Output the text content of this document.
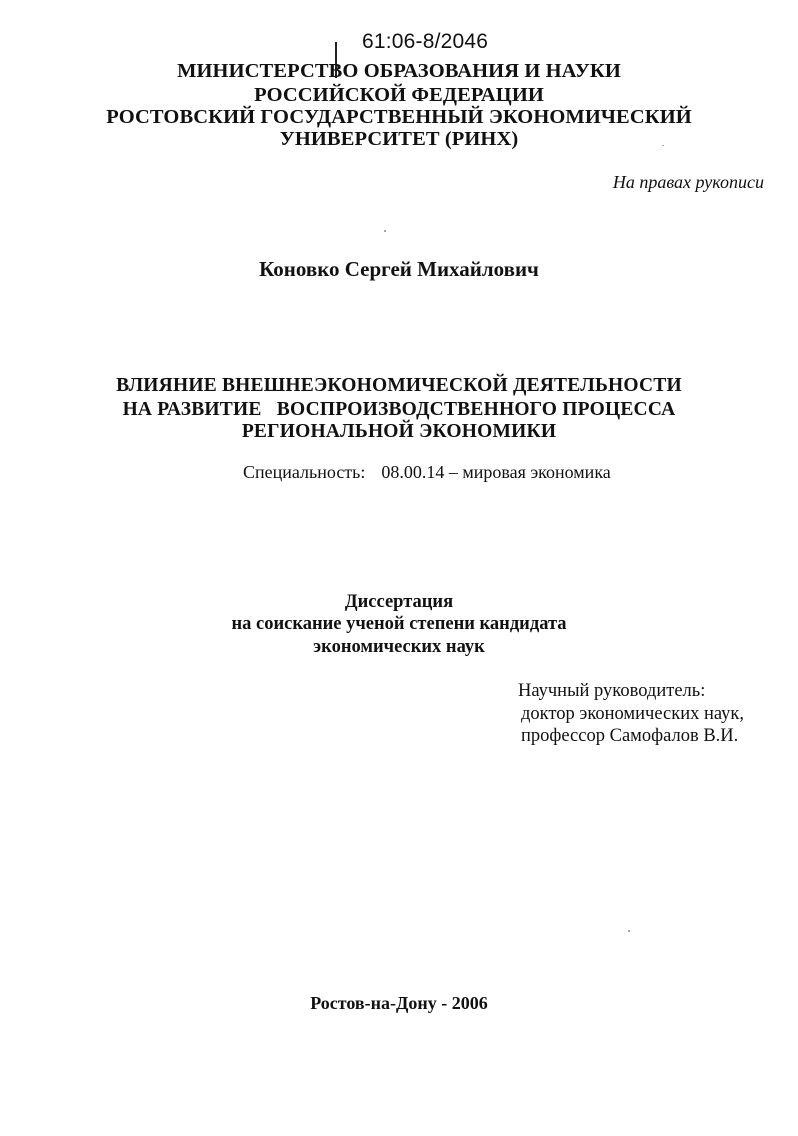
61:06-8/2046
МИНИСТЕРСТВО ОБРАЗОВАНИЯ И НАУКИ
РОССИЙСКОЙ ФЕДЕРАЦИИ
РОСТОВСКИЙ ГОСУДАРСТВЕННЫЙ ЭКОНОМИЧЕСКИЙ
УНИВЕРСИТЕТ (РИНХ)
На правах рукописи
Коновко Сергей Михайлович
ВЛИЯНИЕ ВНЕШНЕЭКОНОМИЧЕСКОЙ ДЕЯТЕЛЬНОСТИ
НА РАЗВИТИЕ   ВОСПРОИЗВОДСТВЕННОГО ПРОЦЕССА
РЕГИОНАЛЬНОЙ ЭКОНОМИКИ
Специальность: 08.00.14 – мировая экономика
Диссертация
на соискание ученой степени кандидата
экономических наук
Научный руководитель:
доктор экономических наук,
профессор Самофалов В.И.
Ростов-на-Дону - 2006
